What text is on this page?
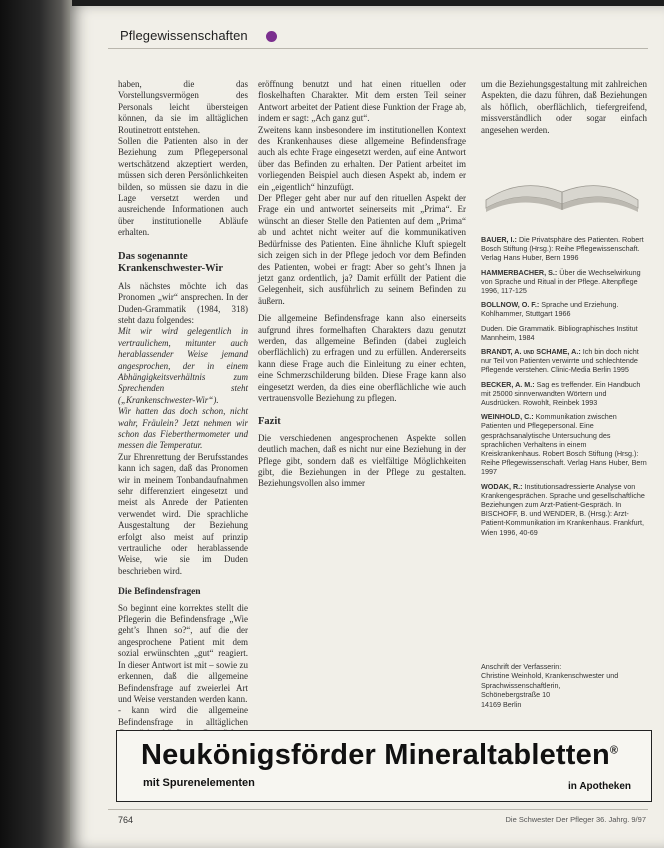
Pflegewissenschaften

haben, die das Vorstellungsvermögen des Personals leicht übersteigen können, da sie im alltäglichen Routinetrott entstehen.

Sollen die Patienten also in der Beziehung zum Pflegepersonal wertschätzend akzeptiert werden, müssen sich deren Persönlichkeiten bilden, so müssen sie dazu in die Lage versetzt werden und ausreichende Informationen auch über institutionelle Abläufe erhalten.

Das sogenannte Krankenschwester-Wir

Als nächstes möchte ich das Pronomen „wir“ ansprechen. In der Duden-Grammatik (1984, 318) steht dazu folgendes:

Mit wir wird gelegentlich in vertraulichem, mitunter auch herablassender Weise jemand angesprochen, der in einem Abhängigkeitsverhältnis zum Sprechenden steht („Krankenschwester-Wir“).

Wir hatten das doch schon, nicht wahr, Fräulein? Jetzt nehmen wir schon das Fieberthermometer und messen die Temperatur.

Zur Ehrenrettung der Berufsstandes kann ich sagen, daß das Pronomen wir in meinem Tonbandaufnahmen sehr differenziert eingesetzt und meist als Anrede der Patienten verwendet wird. Die sprachliche Ausgestaltung der Beziehung erfolgt also meist auf prinzip vertrauliche oder herablassende Weise, wie sie im Duden beschrieben wird.

Die Befindensfragen

So beginnt eine korrektes stellt die Pflegerin die Befindensfrage „Wie geht’s Ihnen so?“, auf die der angesprochene Patient mit dem sozial erwünschten „gut“ reagiert. In dieser Antwort ist mit – sowie zu erkennen, daß die allgemeine Befindensfrage auf zweierlei Art und Weise verstanden werden kann.

- kann wird die allgemeine Befindensfrage in alltäglichen

eröffnung benutzt und hat einen rituellen oder floskelhaften Charakter. Mit dem ersten Teil seiner Antwort arbeitet der Patient diese Funktion der Frage ab, indem er sagt: „Ach ganz gut“.

Zweitens kann insbesondere im institutionellen Kontext des Krankenhauses diese allgemeine Befindensfrage auch als echte Frage eingesetzt werden, auf eine Antwort über das Befinden zu erhalten. Der Patient arbeitet im vorliegenden Beispiel auch diesen Aspekt ab, indem er ein „eigentlich“ hinzufügt.

Der Pfleger geht aber nur auf den rituellen Aspekt der Frage ein und antwortet seinerseits mit „Prima“. Er wünscht an dieser Stelle den Patienten auf dem „Prima“ ab und achtet nicht weiter auf die kommunikativen Bedürfnisse des Patienten. Eine ähnliche Kluft spiegelt sich zeigen sich in der Pflege jedoch vor dem Befinden des Patienten, wobei er fragt: Aber so geht’s Ihnen ja jetzt ganz ordentlich, ja? Damit erfüllt der Patient die Gelegenheit, sich ausführlich zu seinem Befinden zu äußern.

Die allgemeine Befindensfrage kann also einerseits aufgrund ihres formelhaften Charakters dazu genutzt werden, das allgemeine Befinden (dabei zugleich oberflächlich) zu erfragen und zu erfüllen. Andererseits kann diese Frage auch die Einleitung zu einer echten, eine Schmerzschilderung bilden. Diese Frage kann also eingesetzt werden, da dies eine oberflächliche wie auch vertrauensvolle Beziehung zu pflegen.

Fazit

Die verschiedenen angesprochenen Aspekte sollen deutlich machen, daß es nicht nur eine Beziehung in der Pflege gibt, sondern daß es vielfältige Möglichkeiten gibt, die Beziehungen in der Pflege zu gestalten. Beziehungsvollen also immer

um die Beziehungsgestaltung mit zahlreichen Aspekten, die dazu führen, daß Beziehungen als höflich, oberflächlich, tiefergreifend, missverständlich oder sogar einfach angesehen werden.

BAUER, I.: Die Privatsphäre des Patienten. Robert Bosch Stiftung (Hrsg.): Reihe Pflegewissenschaft. Verlag Hans Huber, Bern 1996

HAMMERBACHER, S.: Über die Wechselwirkung von Sprache und Ritual in der Pflege. Altenpflege 1996, 117-125

BOLLNOW, O. F.: Sprache und Erziehung. Kohlhammer, Stuttgart 1966

Duden. Die Grammatik. Bibliographisches Institut Mannheim, 1984

BRANDT, A. und SCHAME, A.: Ich bin doch nicht nur Teil von Patienten verwirrte und schlechtende Pflegende verstehen. Clinic-Media Berlin 1995

BECKER, A. M.: Sag es treffender. Ein Handbuch mit 25000 sinnverwandten Wörtern und Ausdrücken. Rowohlt, Reinbek 1993

WEINHOLD, C.: Kommunikation zwischen Patienten und Pflegepersonal. Eine gesprächsanalytische Untersuchung des sprachlichen Verhaltens in einem Kreiskrankenhaus. Robert Bosch Stiftung (Hrsg.): Reihe Pflegewissenschaft. Verlag Hans Huber, Bern 1997

WODAK, R.: Institutionsadressierte Analyse von Krankengesprächen. Sprache und gesellschaftliche Beziehungen zum Arzt-Patient-Gespräch. In BISCHOFF, B. und WENDER, B. (Hrsg.): Arzt-Patient-Kommunikation im Krankenhaus. Frankfurt, Wien 1996, 40-69

Anschrift der Verfasserin:

Christine Weinhold, Krankenschwester und Sprachwissenschaftlerin,

Schönebergstraße 10

14169 Berlin

Neukönigsförder Mineraltabletten®
mit Spurenelementen	in Apotheken
764	Die Schwester Der Pfleger 36. Jahrg. 9/97
